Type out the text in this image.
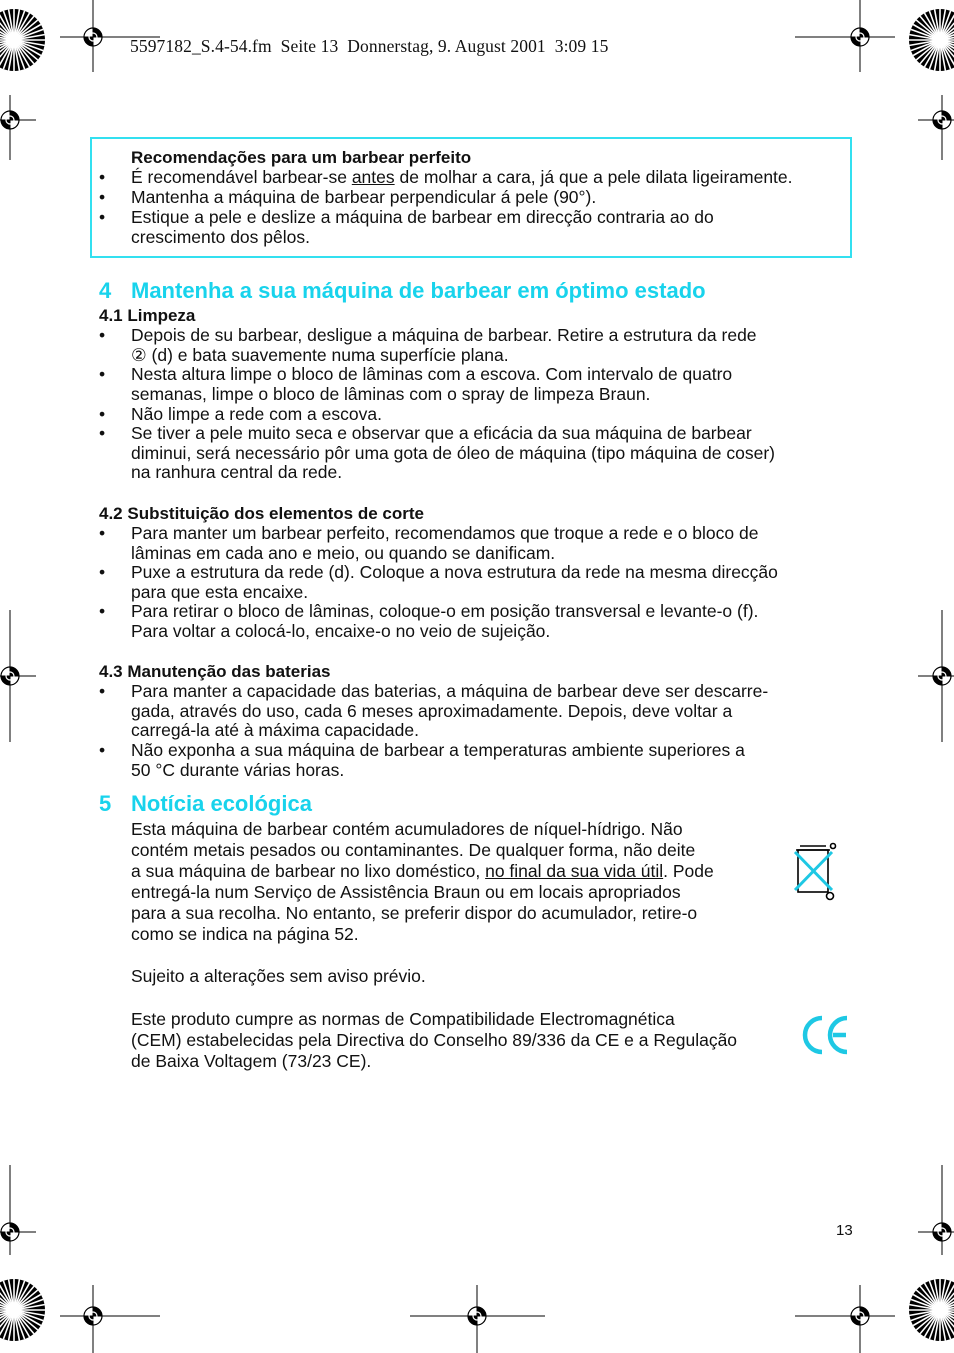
5597182_S.4-54.fm Seite 13 Donnerstag, 9. August 2001 3:09 15
Recomendações para um barbear perfeito
•	É recomendável barbear-se antes de molhar a cara, já que a pele dilata ligeiramente.
•	Mantenha a máquina de barbear perpendicular á pele (90°).
•	Estique a pele e deslize a máquina de barbear em direcção contraria ao do
crescimento dos pêlos.
4 Mantenha a sua máquina de barbear em óptimo estado
4.1 Limpeza
•	Depois de su barbear, desligue a máquina de barbear. Retire a estrutura da rede
② (d) e bata suavemente numa superfície plana.
•	Nesta altura limpe o bloco de lâminas com a escova. Com intervalo de quatro
semanas, limpe o bloco de lâminas com o spray de limpeza Braun.
•	Não limpe a rede com a escova.
•	Se tiver a pele muito seca e observar que a eficácia da sua máquina de barbear
diminui, será necessário pôr uma gota de óleo de máquina (tipo máquina de coser)
na ranhura central da rede.
4.2 Substituição dos elementos de corte
•	Para manter um barbear perfeito, recomendamos que troque a rede e o bloco de
lâminas em cada ano e meio, ou quando se danificam.
•	Puxe a estrutura da rede (d). Coloque a nova estrutura da rede na mesma direcção
para que esta encaixe.
•	Para retirar o bloco de lâminas, coloque-o em posição transversal e levante-o (f).
Para voltar a colocá-lo, encaixe-o no veio de sujeição.
4.3 Manutenção das baterias
•	Para manter a capacidade das baterias, a máquina de barbear deve ser descarre-
gada, através do uso, cada 6 meses aproximadamente. Depois, deve voltar a
carregá-la até à máxima capacidade.
•	Não exponha a sua máquina de barbear a temperaturas ambiente superiores a
50 °C durante várias horas.
5 Notícia ecológica
Esta máquina de barbear contém acumuladores de níquel-hídrigo. Não
contém metais pesados ou contaminantes. De qualquer forma, não deite
a sua máquina de barbear no lixo doméstico, no final da sua vida útil. Pode
entregá-la num Serviço de Assistência Braun ou em locais apropriados
para a sua recolha. No entanto, se preferir dispor do acumulador, retire-o
como se indica na página 52.
Sujeito a alterações sem aviso prévio.
Este produto cumpre as normas de Compatibilidade Electromagnética
(CEM) estabelecidas pela Directiva do Conselho 89/336 da CE e a Regulação
de Baixa Voltagem (73/23 CE).
13
